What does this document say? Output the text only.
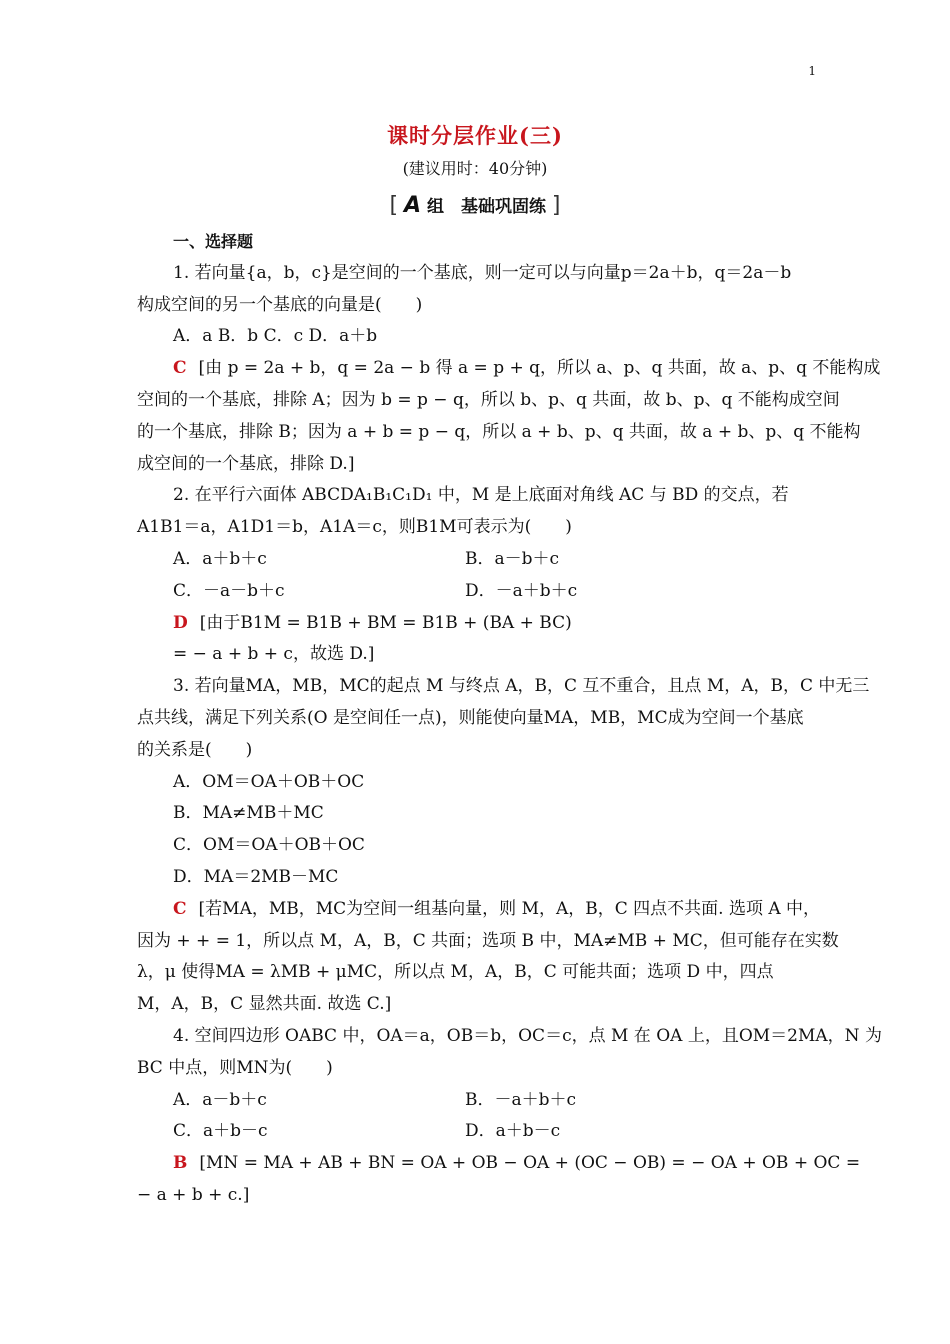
1
课时分层作业(三)
(建议用时：40分钟)
[ A 组　基础巩固练 ]
一、选择题
1. 若向量{a，b，c}是空间的一个基底，则一定可以与向量p＝2a＋b，q＝2a－b
构成空间的另一个基底的向量是(　　)
A．a B．b C．c D．a＋b
C [由 p = 2a + b，q = 2a − b 得 a = p + q，所以 a、p、q 共面，故 a、p、q 不能构成
空间的一个基底，排除 A；因为 b = p − q，所以 b、p、q 共面，故 b、p、q 不能构成空间
的一个基底，排除 B；因为 a + b = p − q，所以 a + b、p、q 共面，故 a + b、p、q 不能构
成空间的一个基底，排除 D.]
2. 在平行六面体 ABCDA₁B₁C₁D₁ 中，M 是上底面对角线 AC 与 BD 的交点，若
A1B1＝a，A1D1＝b，A1A＝c，则B1M可表示为(　　)
A．a＋b＋c	B．a－b＋c
C．－a－b＋c	D．－a＋b＋c
D [由于B1M = B1B + BM = B1B + (BA + BC)
= − a + b + c，故选 D.]
3. 若向量MA，MB，MC的起点 M 与终点 A，B，C 互不重合，且点 M，A，B，C 中无三
点共线，满足下列关系(O 是空间任一点)，则能使向量MA，MB，MC成为空间一个基底
的关系是(　　)
A．OM＝OA＋OB＋OC
B．MA≠MB＋MC
C．OM＝OA＋OB＋OC
D．MA＝2MB－MC
C [若MA，MB，MC为空间一组基向量，则 M，A，B，C 四点不共面. 选项 A 中，
因为 + + = 1，所以点 M，A，B，C 共面；选项 B 中，MA≠MB + MC，但可能存在实数
λ，μ 使得MA = λMB + μMC，所以点 M，A，B，C 可能共面；选项 D 中，四点
M，A，B，C 显然共面. 故选 C.]
4. 空间四边形 OABC 中，OA＝a，OB＝b，OC＝c，点 M 在 OA 上，且OM＝2MA，N 为
BC 中点，则MN为(　　)
A．a－b＋c	B．－a＋b＋c
C．a＋b－c	D．a＋b－c
B [MN = MA + AB + BN = OA + OB − OA + (OC − OB) = − OA + OB + OC =
− a + b + c.]
